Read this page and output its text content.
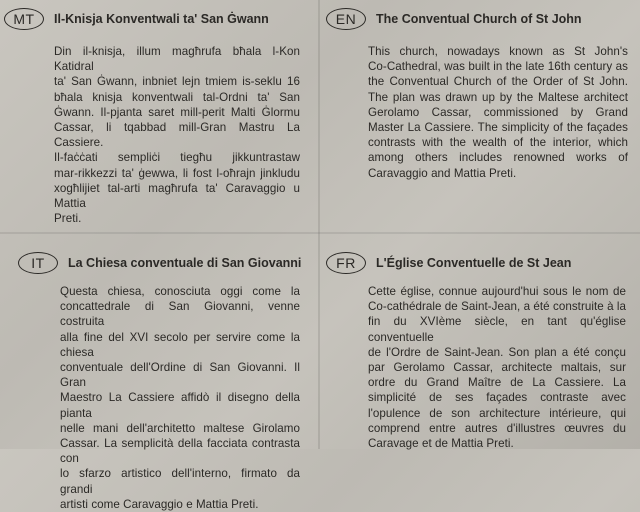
MT	Il-Knisja Konventwali ta' San Ġwann

Din il-knisja, illum magħrufa bħala l-Kon Katidral

ta' San Ġwann, inbniet lejn tmiem is-seklu 16

bħala knisja konventwali tal-Ordni ta' San

Ġwann. Il-pjanta saret mill-perit Malti Ġlormu

Cassar, li tqabbad mill-Gran Mastru La Cassiere.

Il-faċċati sempliċi tiegħu jikkuntrastaw

mar-rikkezzi ta' ġewwa, li fost l-oħrajn jinkludu

xogħlijiet tal-arti magħrufa ta' Caravaggio u Mattia

Preti.

EN	The Conventual Church of St John

This church, nowadays known as St John's

Co-Cathedral, was built in the late 16th century as

the Conventual Church of the Order of St John.

The plan was drawn up by the Maltese architect

Gerolamo Cassar, commissioned by Grand

Master La Cassiere. The simplicity of the façades

contrasts with the wealth of the interior, which

among others includes renowned works of

Caravaggio and Mattia Preti.

IT	La Chiesa conventuale di San Giovanni

Questa chiesa, conosciuta oggi come la

concattedrale di San Giovanni, venne costruita

alla fine del XVI secolo per servire come la chiesa

conventuale dell'Ordine di San Giovanni. Il Gran

Maestro La Cassiere affidò il disegno della pianta

nelle mani dell'architetto maltese Girolamo

Cassar. La semplicità della facciata contrasta con

lo sfarzo artistico dell'interno, firmato da grandi

artisti come Caravaggio e Mattia Preti.

FR	L'Église Conventuelle de St Jean

Cette église, connue aujourd'hui sous le nom de

Co-cathédrale de Saint-Jean, a été construite à la

fin du XVIème siècle, en tant qu'église conventuelle

de l'Ordre de Saint-Jean. Son plan a été conçu

par Gerolamo Cassar, architecte maltais, sur

ordre du Grand Maître de La Cassiere. La

simplicité de ses façades contraste avec

l'opulence de son architecture intérieure, qui

comprend entre autres d'illustres œuvres du

Caravage et de Mattia Preti.
